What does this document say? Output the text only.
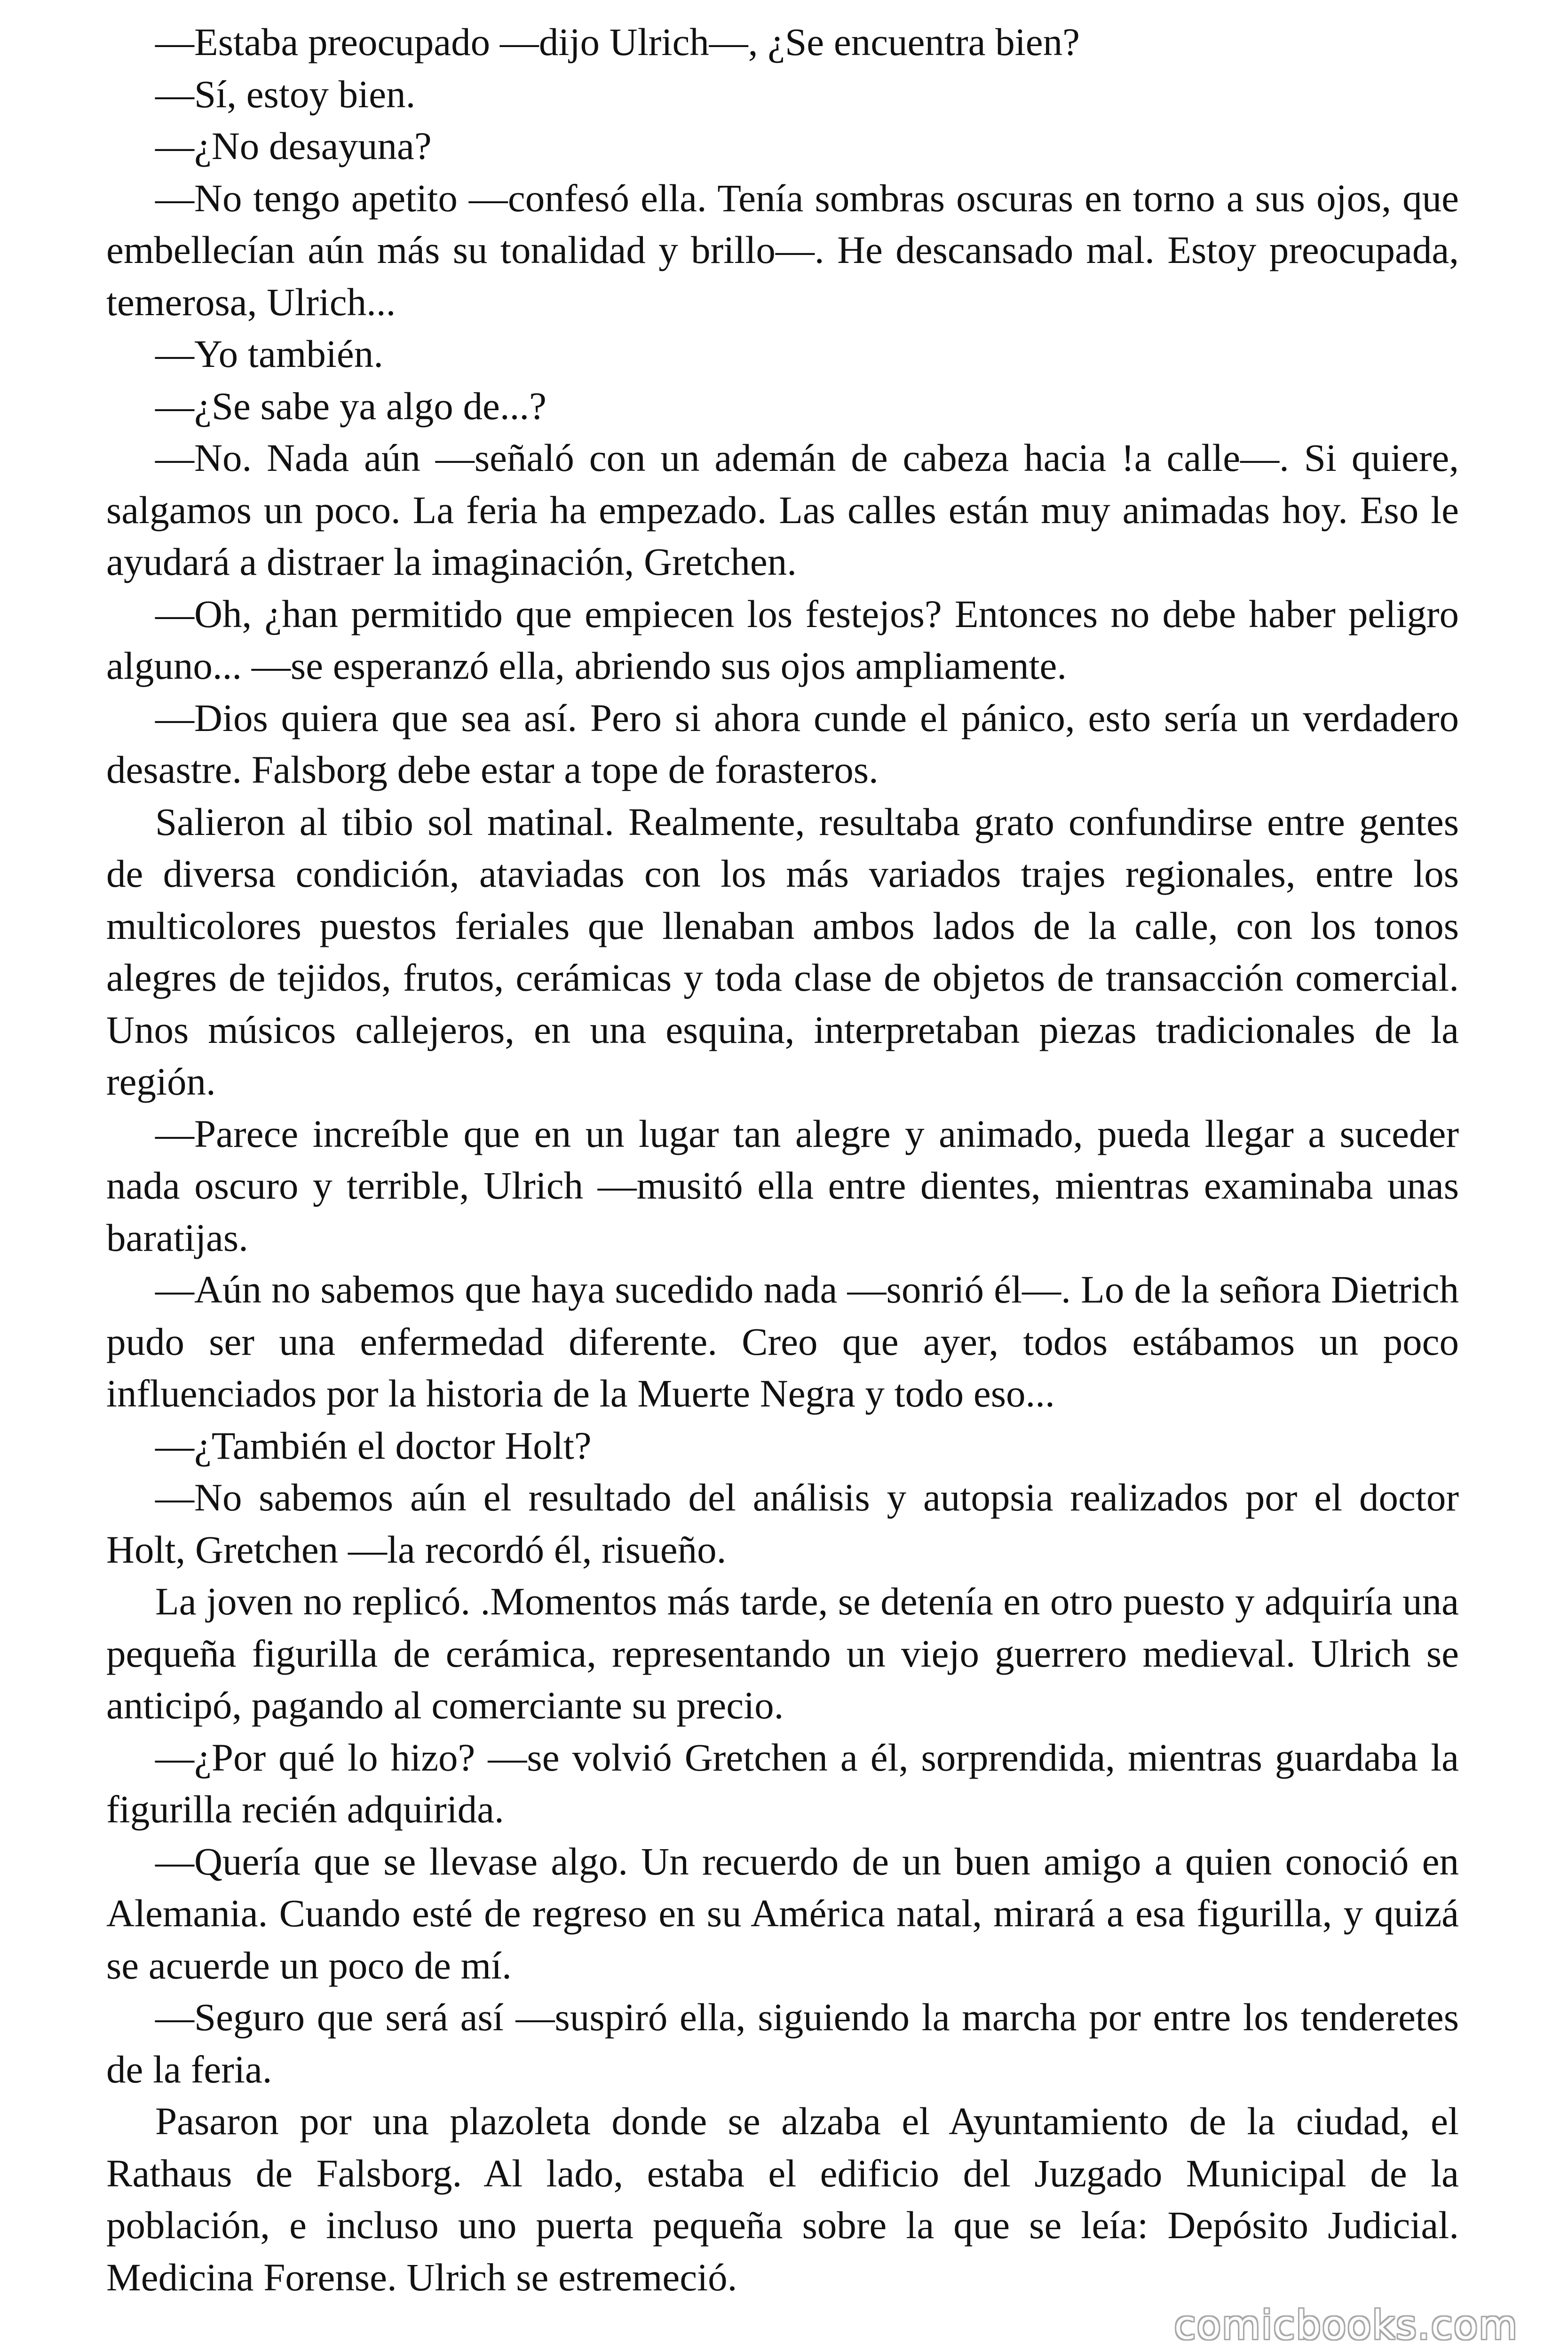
—Estaba preocupado —dijo Ulrich—, ¿Se encuentra bien?

—Sí, estoy bien.

—¿No desayuna?

—No tengo apetito —confesó ella. Tenía sombras oscuras en torno a sus ojos, que embellecían aún más su tonalidad y brillo—. He descansado mal. Estoy preocupada, temerosa, Ulrich...

—Yo también.

—¿Se sabe ya algo de...?

—No. Nada aún —señaló con un ademán de cabeza hacia !a calle—. Si quiere, salgamos un poco. La feria ha empezado. Las calles están muy animadas hoy. Eso le ayudará a distraer la imaginación, Gretchen.

—Oh, ¿han permitido que empiecen los festejos? Entonces no debe haber peligro alguno... —se esperanzó ella, abriendo sus ojos ampliamente.

—Dios quiera que sea así. Pero si ahora cunde el pánico, esto sería un verdadero desastre. Falsborg debe estar a tope de forasteros.

Salieron al tibio sol matinal. Realmente, resultaba grato confundirse entre gentes de diversa condición, ataviadas con los más variados trajes regionales, entre los multicolores puestos feriales que llenaban ambos lados de la calle, con los tonos alegres de tejidos, frutos, cerámicas y toda clase de objetos de transacción comercial. Unos músicos callejeros, en una esquina, interpretaban piezas tradicionales de la región.

—Parece increíble que en un lugar tan alegre y animado, pueda llegar a suceder nada oscuro y terrible, Ulrich —musitó ella entre dientes, mientras examinaba unas baratijas.

—Aún no sabemos que haya sucedido nada —sonrió él—. Lo de la señora Dietrich pudo ser una enfermedad diferente. Creo que ayer, todos estábamos un poco influenciados por la historia de la Muerte Negra y todo eso...

—¿También el doctor Holt?

—No sabemos aún el resultado del análisis y autopsia realizados por el doctor Holt, Gretchen —la recordó él, risueño.

La joven no replicó. .Momentos más tarde, se detenía en otro puesto y adquiría una pequeña figurilla de cerámica, representando un viejo guerrero medieval. Ulrich se anticipó, pagando al comerciante su precio.

—¿Por qué lo hizo? —se volvió Gretchen a él, sorprendida, mientras guardaba la figurilla recién adquirida.

—Quería que se llevase algo. Un recuerdo de un buen amigo a quien conoció en Alemania. Cuando esté de regreso en su América natal, mirará a esa figurilla, y quizá se acuerde un poco de mí.

—Seguro que será así —suspiró ella, siguiendo la marcha por entre los tenderetes de la feria.

Pasaron por una plazoleta donde se alzaba el Ayuntamiento de la ciudad, el Rathaus de Falsborg. Al lado, estaba el edificio del Juzgado Municipal de la población, e incluso uno puerta pequeña sobre la que se leía: Depósito Judicial. Medicina Forense. Ulrich se estremeció.

comicbooks.com
